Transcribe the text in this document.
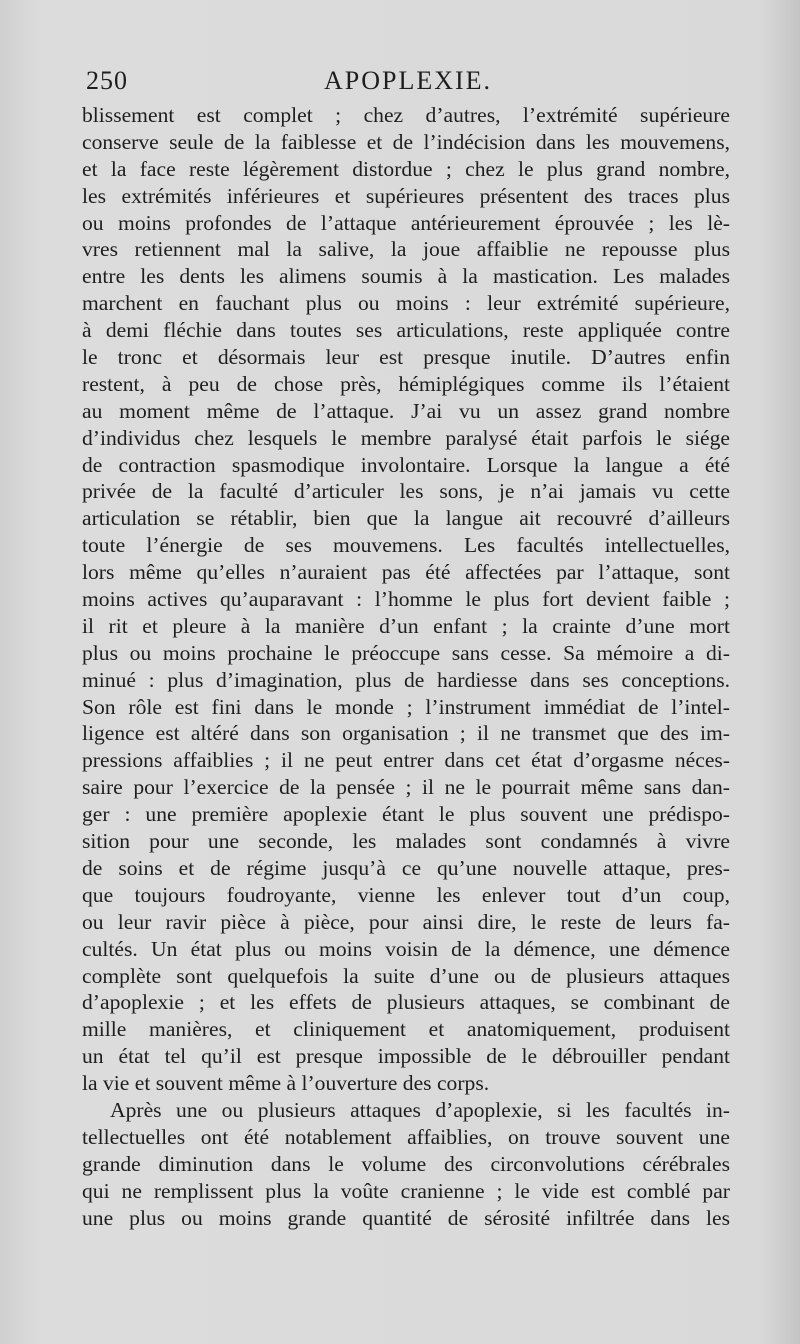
250	APOPLEXIE.
blissement est complet ; chez d’autres, l’extrémité supérieure
conserve seule de la faiblesse et de l’indécision dans les mouvemens,
et la face reste légèrement distordue ; chez le plus grand nombre,
les extrémités inférieures et supérieures présentent des traces plus
ou moins profondes de l’attaque antérieurement éprouvée ; les lè-
vres retiennent mal la salive, la joue affaiblie ne repousse plus
entre les dents les alimens soumis à la mastication. Les malades
marchent en fauchant plus ou moins : leur extrémité supérieure,
à demi fléchie dans toutes ses articulations, reste appliquée contre
le tronc et désormais leur est presque inutile. D’autres enfin
restent, à peu de chose près, hémiplégiques comme ils l’étaient
au moment même de l’attaque. J’ai vu un assez grand nombre
d’individus chez lesquels le membre paralysé était parfois le siége
de contraction spasmodique involontaire. Lorsque la langue a été
privée de la faculté d’articuler les sons, je n’ai jamais vu cette
articulation se rétablir, bien que la langue ait recouvré d’ailleurs
toute l’énergie de ses mouvemens. Les facultés intellectuelles,
lors même qu’elles n’auraient pas été affectées par l’attaque, sont
moins actives qu’auparavant : l’homme le plus fort devient faible ;
il rit et pleure à la manière d’un enfant ; la crainte d’une mort
plus ou moins prochaine le préoccupe sans cesse. Sa mémoire a di-
minué : plus d’imagination, plus de hardiesse dans ses conceptions.
Son rôle est fini dans le monde ; l’instrument immédiat de l’intel-
ligence est altéré dans son organisation ; il ne transmet que des im-
pressions affaiblies ; il ne peut entrer dans cet état d’orgasme néces-
saire pour l’exercice de la pensée ; il ne le pourrait même sans dan-
ger : une première apoplexie étant le plus souvent une prédispo-
sition pour une seconde, les malades sont condamnés à vivre
de soins et de régime jusqu’à ce qu’une nouvelle attaque, pres-
que toujours foudroyante, vienne les enlever tout d’un coup,
ou leur ravir pièce à pièce, pour ainsi dire, le reste de leurs fa-
cultés. Un état plus ou moins voisin de la démence, une démence
complète sont quelquefois la suite d’une ou de plusieurs attaques
d’apoplexie ; et les effets de plusieurs attaques, se combinant de
mille manières, et cliniquement et anatomiquement, produisent
un état tel qu’il est presque impossible de le débrouiller pendant
la vie et souvent même à l’ouverture des corps.
Après une ou plusieurs attaques d’apoplexie, si les facultés in-
tellectuelles ont été notablement affaiblies, on trouve souvent une
grande diminution dans le volume des circonvolutions cérébrales
qui ne remplissent plus la voûte cranienne ; le vide est comblé par
une plus ou moins grande quantité de sérosité infiltrée dans les
